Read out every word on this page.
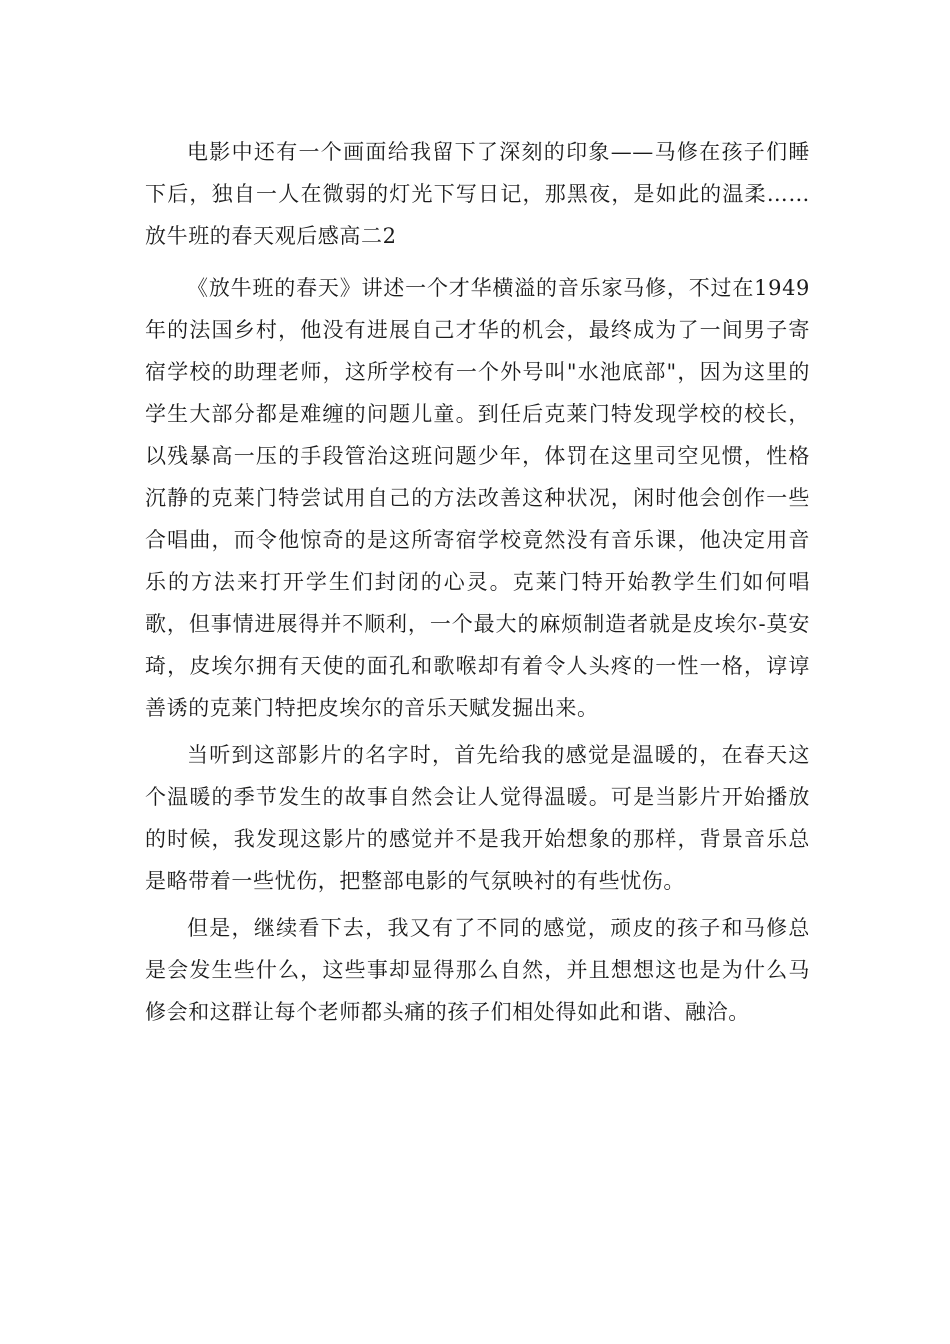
电影中还有一个画面给我留下了深刻的印象——马修在孩子们睡下后，独自一人在微弱的灯光下写日记，那黑夜，是如此的温柔……放牛班的春天观后感高二2

《放牛班的春天》讲述一个才华横溢的音乐家马修，不过在1949年的法国乡村，他没有进展自己才华的机会，最终成为了一间男子寄宿学校的助理老师，这所学校有一个外号叫"水池底部"，因为这里的学生大部分都是难缠的问题儿童。到任后克莱门特发现学校的校长，以残暴高一压的手段管治这班问题少年，体罚在这里司空见惯，性格沉静的克莱门特尝试用自己的方法改善这种状况，闲时他会创作一些合唱曲，而令他惊奇的是这所寄宿学校竟然没有音乐课，他决定用音乐的方法来打开学生们封闭的心灵。克莱门特开始教学生们如何唱歌，但事情进展得并不顺利，一个最大的麻烦制造者就是皮埃尔-莫安琦，皮埃尔拥有天使的面孔和歌喉却有着令人头疼的一性一格，谆谆善诱的克莱门特把皮埃尔的音乐天赋发掘出来。

当听到这部影片的名字时，首先给我的感觉是温暖的，在春天这个温暖的季节发生的故事自然会让人觉得温暖。可是当影片开始播放的时候，我发现这影片的感觉并不是我开始想象的那样，背景音乐总是略带着一些忧伤，把整部电影的气氛映衬的有些忧伤。

但是，继续看下去，我又有了不同的感觉，顽皮的孩子和马修总是会发生些什么，这些事却显得那么自然，并且想想这也是为什么马修会和这群让每个老师都头痛的孩子们相处得如此和谐、融洽。
